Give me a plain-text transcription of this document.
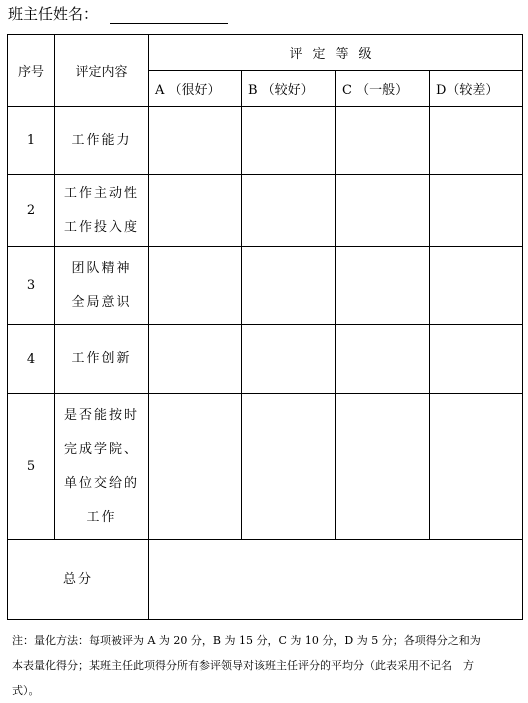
班主任姓名：
序号	评定内容	评定等级			
		A （很好）	B （较好）	C （一般）	D（较差）
1	工作能力				

2	工作主动性
工作投入度				

3	团队精神
全局意识				

4	工作创新				

5	是否能按时
完成学院、
单位交给的
工作				

总分					

注：量化方法：每项被评为 A 为 20 分，B 为 15 分，C 为 10 分，D 为 5 分；各项得分之和为
本表量化得分；某班主任此项得分所有参评领导对该班主任评分的平均分（此表采用不记名　方
式）。
